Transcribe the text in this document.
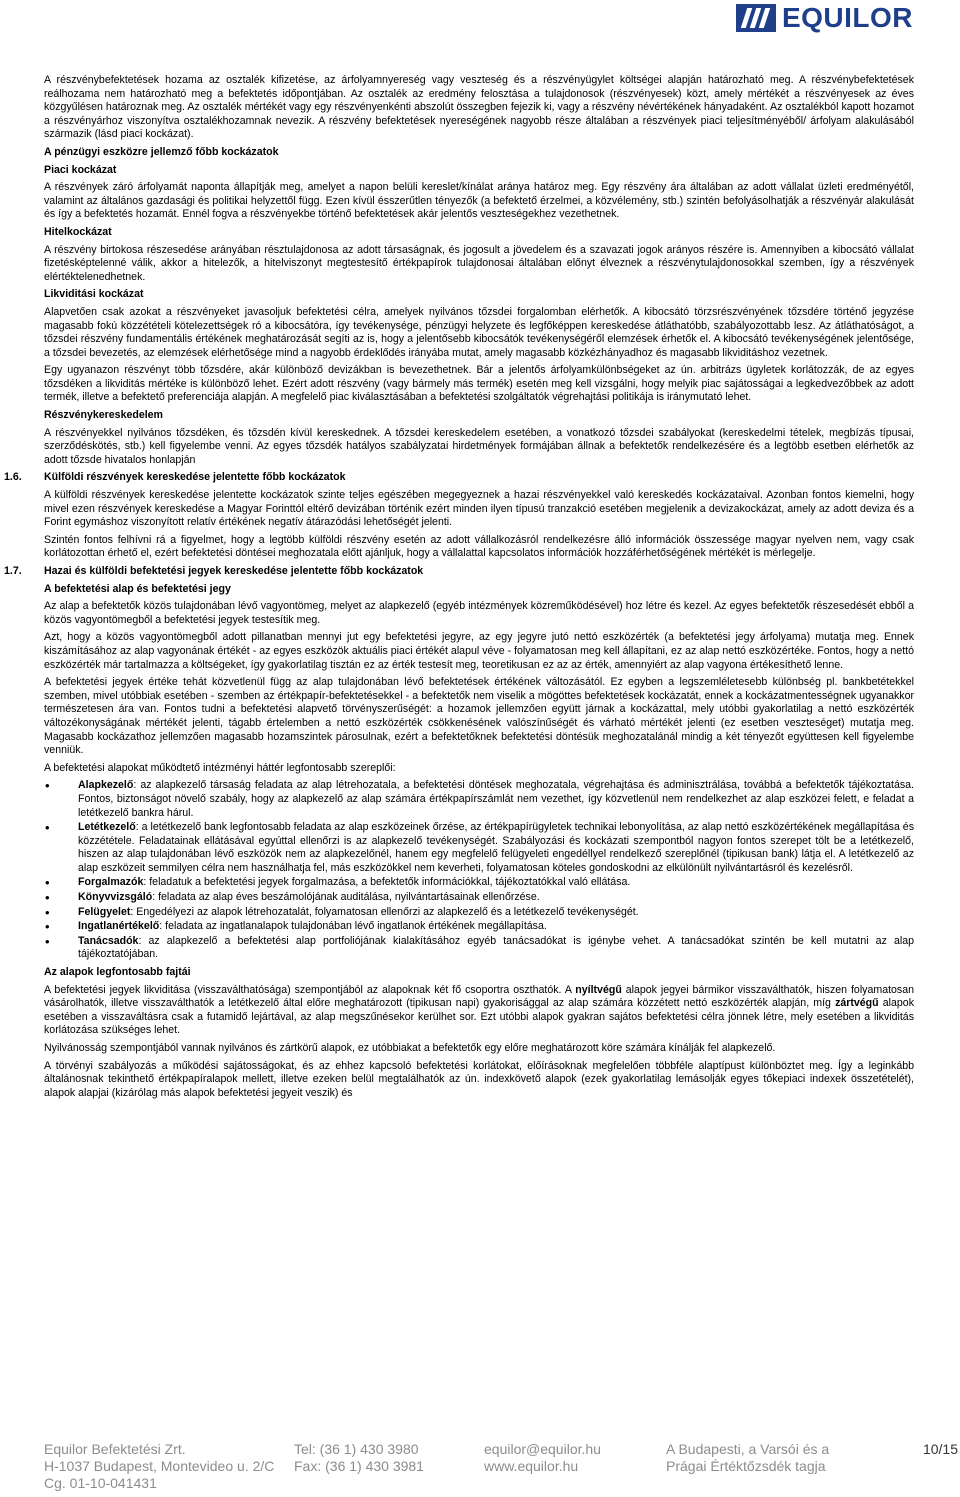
EQUILOR

A részvénybefektetések hozama az osztalék kifizetése, az árfolyamnyereség vagy veszteség és a részvényügylet költségei alapján határozható meg. A részvénybefektetések reálhozama nem határozható meg a befektetés időpontjában. Az osztalék az eredmény felosztása a tulajdonosok (részvényesek) közt, amely mértékét a részvényesek az éves közgyűlésen határoznak meg. Az osztalék mértékét vagy egy részvényenkénti abszolút összegben fejezik ki, vagy a részvény névértékének hányadaként. Az osztalékból kapott hozamot a részvényárhoz viszonyítva osztalékhozamnak nevezik. A részvény befektetések nyereségének nagyobb része általában a részvények piaci teljesítményéből/ árfolyam alakulásából származik (lásd piaci kockázat).

A pénzügyi eszközre jellemző főbb kockázatok
Piaci kockázat

A részvények záró árfolyamát naponta állapítják meg, amelyet a napon belüli kereslet/kínálat aránya határoz meg. Egy részvény ára általában az adott vállalat üzleti eredményétől, valamint az általános gazdasági és politikai helyzettől függ. Ezen kívül ésszerűtlen tényezők (a befektető érzelmei, a közvélemény, stb.) szintén befolyásolhatják a részvényár alakulását és így a befektetés hozamát. Ennél fogva a részvényekbe történő befektetések akár jelentős veszteségekhez vezethetnek.

Hitelkockázat

A részvény birtokosa részesedése arányában résztulajdonosa az adott társaságnak, és jogosult a jövedelem és a szavazati jogok arányos részére is. Amennyiben a kibocsátó vállalat fizetésképtelenné válik, akkor a hitelezők, a hitelviszonyt megtestesítő értékpapírok tulajdonosai általában előnyt élveznek a részvénytulajdonosokkal szemben, így a részvények elértéktelenedhetnek.

Likviditási kockázat

Alapvetően csak azokat a részvényeket javasoljuk befektetési célra, amelyek nyilvános tőzsdei forgalomban elérhetők. A kibocsátó törzsrészvényének tőzsdére történő jegyzése magasabb fokú közzétételi kötelezettségek ró a kibocsátóra, így tevékenysége, pénzügyi helyzete és legfőképpen kereskedése átláthatóbb, szabályozottabb lesz. Az átláthatóságot, a tőzsdei részvény fundamentális értékének meghatározását segíti az is, hogy a jelentősebb kibocsátók tevékenységéről elemzések érhetők el. A kibocsátó tevékenységének jelentősége, a tőzsdei bevezetés, az elemzések elérhetősége mind a nagyobb érdeklődés irányába mutat, amely magasabb közkézhányadhoz és magasabb likviditáshoz vezetnek.

Egy ugyanazon részvényt több tőzsdére, akár különböző devizákban is bevezethetnek. Bár a jelentős árfolyamkülönbségeket az ún. arbitrázs ügyletek korlátozzák, de az egyes tőzsdéken a likviditás mértéke is különböző lehet. Ezért adott részvény (vagy bármely más termék) esetén meg kell vizsgálni, hogy melyik piac sajátosságai a legkedvezőbbek az adott termék, illetve a befektető preferenciája alapján. A megfelelő piac kiválasztásában a befektetési szolgáltatók végrehajtási politikája is iránymutató lehet.

Részvénykereskedelem

A részvényekkel nyilvános tőzsdéken, és tőzsdén kívül kereskednek. A tőzsdei kereskedelem esetében, a vonatkozó tőzsdei szabályokat (kereskedelmi tételek, megbízás típusai, szerződéskötés, stb.) kell figyelembe venni. Az egyes tőzsdék hatályos szabályzatai hirdetmények formájában állnak a befektetők rendelkezésére és a legtöbb esetben elérhetők az adott tőzsde hivatalos honlapján

1.6. Külföldi részvények kereskedése jelentette főbb kockázatok

A külföldi részvények kereskedése jelentette kockázatok szinte teljes egészében megegyeznek a hazai részvényekkel való kereskedés kockázataival. Azonban fontos kiemelni, hogy mivel ezen részvények kereskedése a Magyar Forinttól eltérő devizában történik ezért minden ilyen típusú tranzakció esetében megjelenik a devizakockázat, amely az adott deviza és a Forint egymáshoz viszonyított relatív értékének negatív átárazódási lehetőségét jelenti.

Szintén fontos felhívni rá a figyelmet, hogy a legtöbb külföldi részvény esetén az adott vállalkozásról rendelkezésre álló információk összessége magyar nyelven nem, vagy csak korlátozottan érhető el, ezért befektetési döntései meghozatala előtt ajánljuk, hogy a vállalattal kapcsolatos információk hozzáférhetőségének mértékét is mérlegelje.

1.7. Hazai és külföldi befektetési jegyek kereskedése jelentette főbb kockázatok
A befektetési alap és befektetési jegy

Az alap a befektetők közös tulajdonában lévő vagyontömeg, melyet az alapkezelő (egyéb intézmények közreműködésével) hoz létre és kezel. Az egyes befektetők részesedését ebből a közös vagyontömegből a befektetési jegyek testesítik meg.

Azt, hogy a közös vagyontömegből adott pillanatban mennyi jut egy befektetési jegyre, az egy jegyre jutó nettó eszközérték (a befektetési jegy árfolyama) mutatja meg. Ennek kiszámításához az alap vagyonának értékét - az egyes eszközök aktuális piaci értékét alapul véve - folyamatosan meg kell állapítani, ez az alap nettó eszközértéke. Fontos, hogy a nettó eszközérték már tartalmazza a költségeket, így gyakorlatilag tisztán ez az érték testesít meg, teoretikusan ez az az érték, amennyiért az alap vagyona értékesíthető lenne.

A befektetési jegyek értéke tehát közvetlenül függ az alap tulajdonában lévő befektetések értékének változásától. Ez egyben a legszemléletesebb különbség pl. bankbetétekkel szemben, mivel utóbbiak esetében - szemben az értékpapír-befektetésekkel - a befektetők nem viselik a mögöttes befektetések kockázatát, ennek a kockázatmentességnek ugyanakkor természetesen ára van. Fontos tudni a befektetési alapvető törvényszerűségét: a hozamok jellemzően együtt járnak a kockázattal, mely utóbbi gyakorlatilag a nettó eszközérték változékonyságának mértékét jelenti, tágabb értelemben a nettó eszközérték csökkenésének valószínűségét és várható mértékét jelenti (ez esetben veszteséget) mutatja meg. Magasabb kockázathoz jellemzően magasabb hozamszintek párosulnak, ezért a befektetőknek befektetési döntésük meghozatalánál mindig a két tényezőt együttesen kell figyelembe venniük.

A befektetési alapokat működtető intézményi háttér legfontosabb szereplői:

• Alapkezelő: az alapkezelő társaság feladata az alap létrehozatala, a befektetési döntések meghozatala, végrehajtása és adminisztrálása, továbbá a befektetők tájékoztatása. Fontos, biztonságot növelő szabály, hogy az alapkezelő az alap számára értékpapírszámlát nem vezethet, így közvetlenül nem rendelkezhet az alap eszközei felett, e feladat a letétkezelő bankra hárul.
• Letétkezelő: a letétkezelő bank legfontosabb feladata az alap eszközeinek őrzése, az értékpapírügyletek technikai lebonyolítása, az alap nettó eszközértékének megállapítása és közzététele. Feladatainak ellátásával egyúttal ellenőrzi is az alapkezelő tevékenységét. Szabályozási és kockázati szempontból nagyon fontos szerepet tölt be a letétkezelő, hiszen az alap tulajdonában lévő eszközök nem az alapkezelőnél, hanem egy megfelelő felügyeleti engedéllyel rendelkező szereplőnél (tipikusan bank) látja el. A letétkezelő az alap eszközeit semmilyen célra nem használhatja fel, más eszközökkel nem keverheti, folyamatosan köteles gondoskodni az elkülönült nyilvántartásról és kezelésről.
• Forgalmazók: feladatuk a befektetési jegyek forgalmazása, a befektetők információkkal, tájékoztatókkal való ellátása.
• Könyvvizsgáló: feladata az alap éves beszámolójának auditálása, nyilvántartásainak ellenőrzése.
• Felügyelet: Engedélyezi az alapok létrehozatalát, folyamatosan ellenőrzi az alapkezelő és a letétkezelő tevékenységét.
• Ingatlanértékelő: feladata az ingatlanalapok tulajdonában lévő ingatlanok értékének megállapítása.
• Tanácsadók: az alapkezelő a befektetési alap portfoliójának kialakításához egyéb tanácsadókat is igénybe vehet. A tanácsadókat szintén be kell mutatni az alap tájékoztatójában.
Az alapok legfontosabb fajtái

A befektetési jegyek likviditása (visszaválthatósága) szempontjából az alapoknak két fő csoportra oszthatók. A nyíltvégű alapok jegyei bármikor visszaválthatók, hiszen folyamatosan vásárolhatók, illetve visszaválthatók a letétkezelő által előre meghatározott (tipikusan napi) gyakorisággal az alap számára közzétett nettó eszközérték alapján, míg zártvégű alapok esetében a visszaváltásra csak a futamidő lejártával, az alap megszűnésekor kerülhet sor. Ezt utóbbi alapok gyakran sajátos befektetési célra jönnek létre, mely esetében a likviditás korlátozása szükséges lehet.

Nyilvánosság szempontjából vannak nyilvános és zártkörű alapok, ez utóbbiakat a befektetők egy előre meghatározott köre számára kínálják fel alapkezelő.

A törvényi szabályozás a működési sajátosságokat, és az ehhez kapcsoló befektetési korlátokat, előírásoknak megfelelően többféle alaptípust különböztet meg. Így a leginkább általánosnak tekinthető értékpapíralapok mellett, illetve ezeken belül megtalálhatók az ún. indexkövető alapok (ezek gyakorlatilag lemásolják egyes tőkepiaci indexek összetételét), alapok alapjai (kizárólag más alapok befektetési jegyeit veszik) és

Equilor Befektetési Zrt.
H-1037 Budapest, Montevideo u. 2/C
Cg. 01-10-041431
Tel: (36 1) 430 3980
Fax: (36 1) 430 3981
equilor@equilor.hu
www.equilor.hu
A Budapesti, a Varsói és a
Prágai Értéktőzsdék tagja
10/15
